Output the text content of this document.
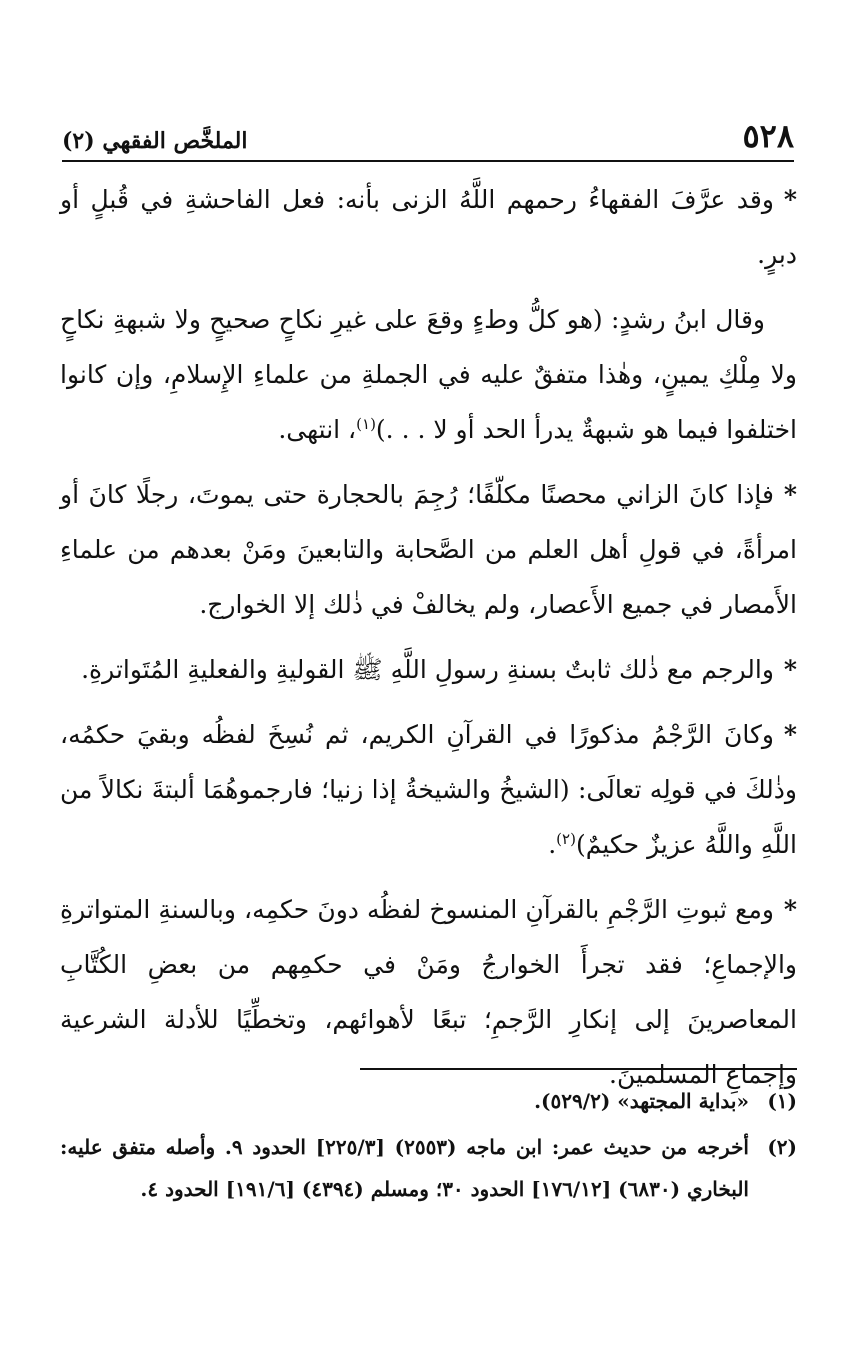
٥٢٨
الملخَّص الفقهي (٢)

*وقد عرَّفَ الفقهاءُ رحمهم اللَّهُ الزنى بأنه: فعل الفاحشةِ في قُبلٍ أو دبرٍ.

وقال ابنُ رشدٍ: (هو كلُّ وطءٍ وقعَ على غيرِ نكاحٍ صحيحٍ ولا شبهةِ نكاحٍ ولا مِلْكِ يمينٍ، وهٰذا متفقٌ عليه في الجملةِ من علماءِ الإِسلامِ، وإن كانوا اختلفوا فيما هو شبهةٌ يدرأ الحد أو لا . . .)$^{(١)}$، انتهى.

*فإذا كانَ الزاني محصنًا مكلّفًا؛ رُجِمَ بالحجارة حتى يموتَ، رجلًا كانَ أو امرأةً، في قولِ أهل العلم من الصَّحابة والتابعينَ ومَنْ بعدهم من علماءِ الأَمصار في جميع الأَعصار، ولم يخالفْ في ذٰلك إلا الخوارج.

*والرجم مع ذٰلك ثابتٌ بسنةِ رسولِ اللَّهِ ﷺ القوليةِ والفعليةِ المُتَواترةِ.

*وكانَ الرَّجْمُ مذكورًا في القرآنِ الكريم، ثم نُسِخَ لفظُه وبقيَ حكمُه، وذٰلكَ في قولِه تعالَى: (الشيخُ والشيخةُ إذا زنيا؛ فارجموهُمَا ألبتةَ نكالاً من اللَّهِ واللَّهُ عزيزٌ حكيمٌ)$^{(٢)}$.

*ومع ثبوتِ الرَّجْمِ بالقرآنِ المنسوخ لفظُه دونَ حكمِه، وبالسنةِ المتواترةِ والإجماعِ؛ فقد تجرأَ الخوارجُ ومَنْ في حكمِهم من بعضِ الكُتَّابِ المعاصرينَ إلى إنكارِ الرَّجمِ؛ تبعًا لأهوائهم، وتخطِّيًا للأدلة الشرعية وإجماعِ المسلمينَ.

(١)
«بداية المجتهد» (٥٢٩/٢).

(٢)
أخرجه من حديث عمر: ابن ماجه (٢٥٥٣) [٢٢٥/٣] الحدود ٩. وأصله متفق عليه: البخاري (٦٨٣٠) [١٧٦/١٢] الحدود ٣٠؛ ومسلم (٤٣٩٤) [١٩١/٦] الحدود ٤.
